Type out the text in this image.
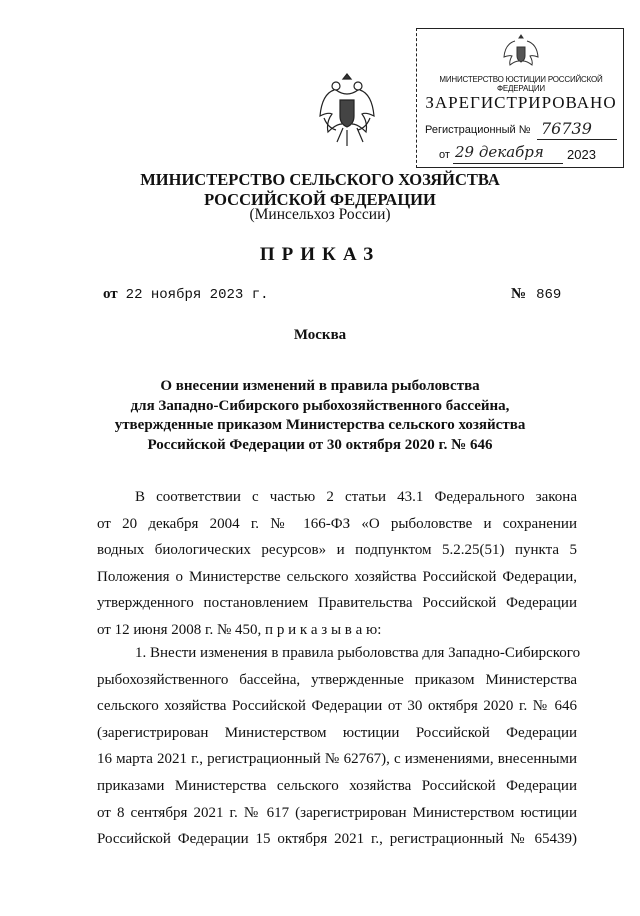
МИНИСТЕРСТВО ЮСТИЦИИ РОССИЙСКОЙ ФЕДЕРАЦИИ
ЗАРЕГИСТРИРОВАНО
Регистрационный № 76739
от 29 декабря 2023
МИНИСТЕРСТВО СЕЛЬСКОГО ХОЗЯЙСТВА
РОССИЙСКОЙ ФЕДЕРАЦИИ
(Минсельхоз России)
ПРИКАЗ
от 22 ноября 2023 г.	№ 869
Москва
О внесении изменений в правила рыболовства
для Западно-Сибирского рыбохозяйственного бассейна,
утвержденные приказом Министерства сельского хозяйства
Российской Федерации от 30 октября 2020 г. № 646
В соответствии с частью 2 статьи 43.1 Федерального закона
от 20 декабря 2004 г. № 166-ФЗ «О рыболовстве и сохранении
водных биологических ресурсов» и подпунктом 5.2.25(51) пункта 5
Положения о Министерстве сельского хозяйства Российской Федерации,
утвержденного постановлением Правительства Российской Федерации
от 12 июня 2008 г. № 450, п р и к а з ы в а ю:
1. Внести изменения в правила рыболовства для Западно-Сибирского
рыбохозяйственного бассейна, утвержденные приказом Министерства
сельского хозяйства Российской Федерации от 30 октября 2020 г. № 646
(зарегистрирован Министерством юстиции Российской Федерации
16 марта 2021 г., регистрационный № 62767), с изменениями, внесенными
приказами Министерства сельского хозяйства Российской Федерации
от 8 сентября 2021 г. № 617 (зарегистрирован Министерством юстиции
Российской Федерации 15 октября 2021 г., регистрационный № 65439)
